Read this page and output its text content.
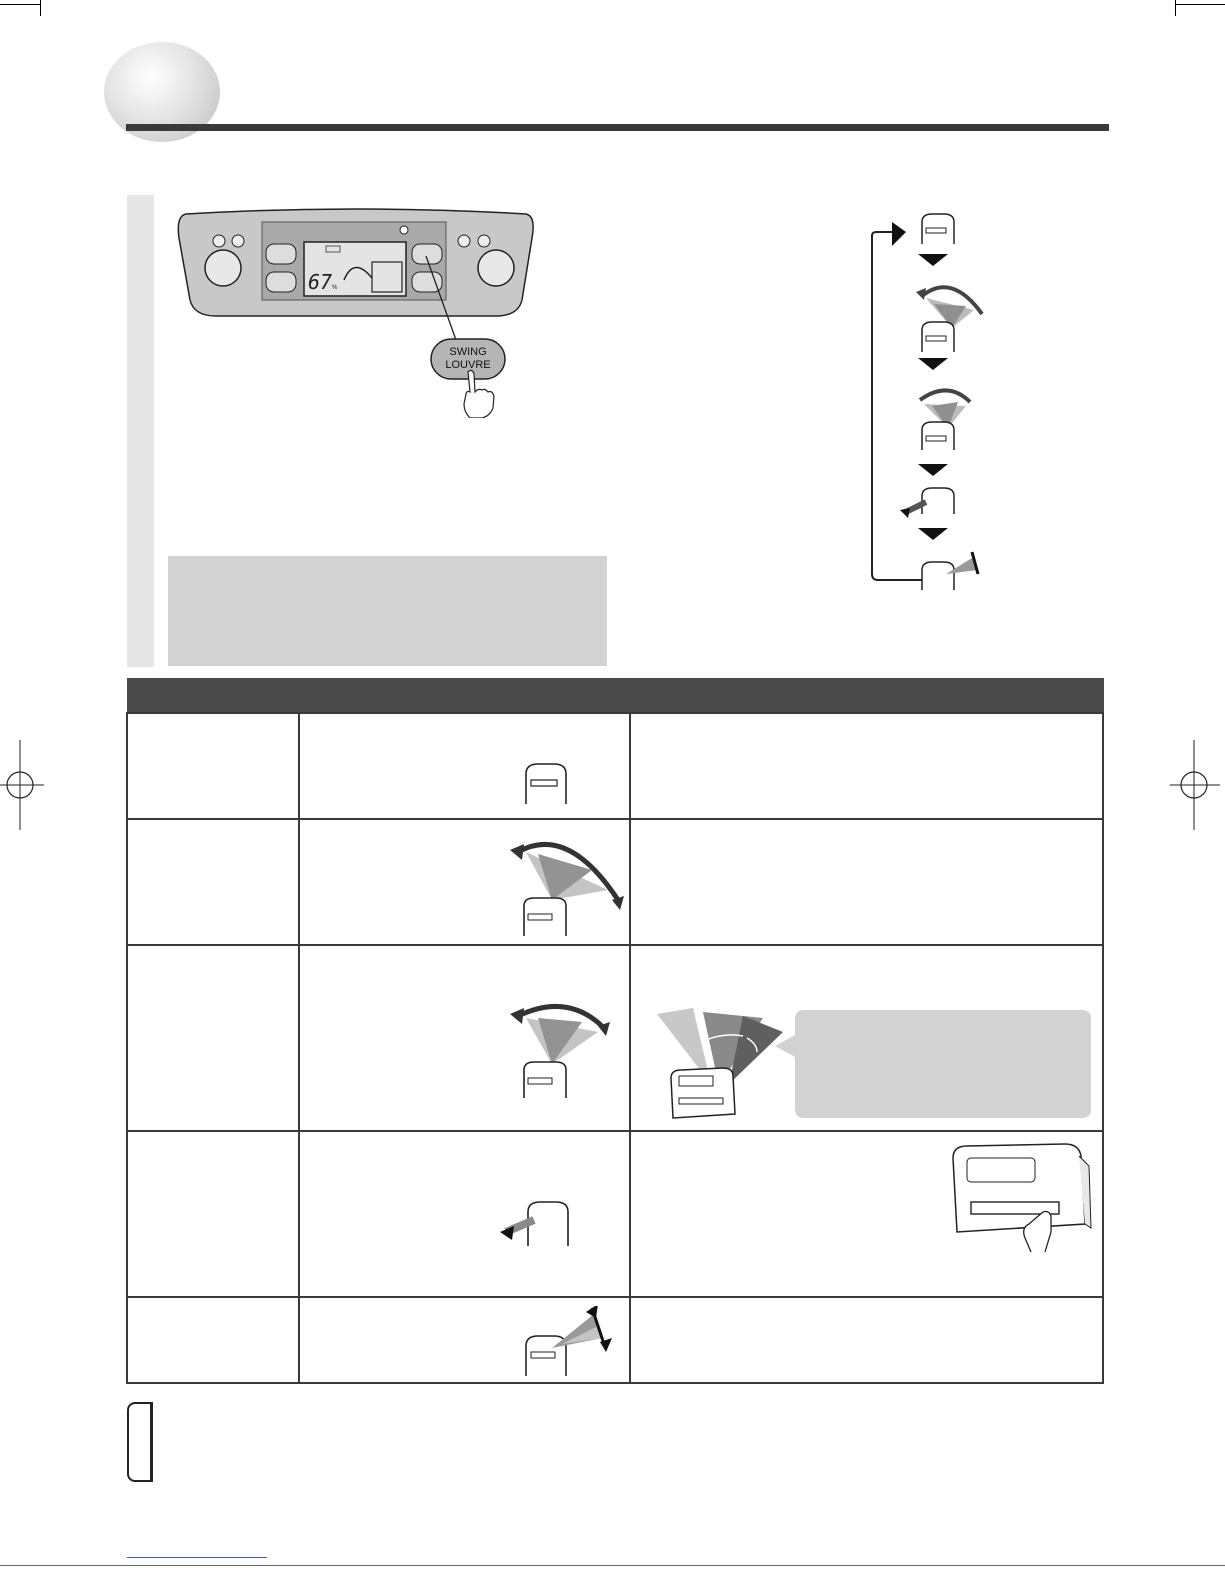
67 %
SWING
LOUVRE
